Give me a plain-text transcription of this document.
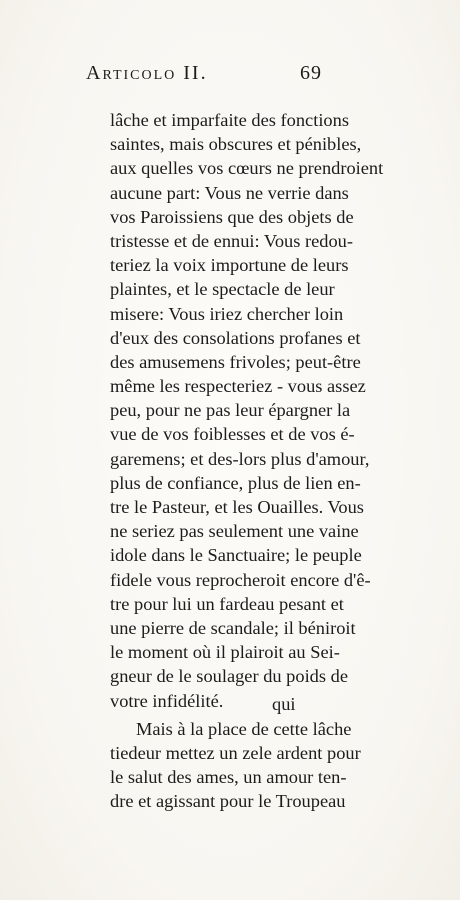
Articolo II.	69
lâche et imparfaite des fonctions
saintes, mais obscures et pénibles,
aux quelles vos cœurs ne prendroient
aucune part: Vous ne verrie dans
vos Paroissiens que des objets de
tristesse et de ennui: Vous redou-
teriez la voix importune de leurs
plaintes, et le spectacle de leur
misere: Vous iriez chercher loin
d'eux des consolations profanes et
des amusemens frivoles; peut-être
même les respecteriez - vous assez
peu, pour ne pas leur épargner la
vue de vos foiblesses et de vos é-
garemens; et des-lors plus d'amour,
plus de confiance, plus de lien en-
tre le Pasteur, et les Ouailles. Vous
ne seriez pas seulement une vaine
idole dans le Sanctuaire; le peuple
fidele vous reprocheroit encore d'ê-
tre pour lui un fardeau pesant et
une pierre de scandale; il béniroit
le moment où il plairoit au Sei-
gneur de le soulager du poids de
votre infidélité.
Mais à la place de cette lâche
tiedeur mettez un zele ardent pour
le salut des ames, un amour ten-
dre et agissant pour le Troupeau
qui
